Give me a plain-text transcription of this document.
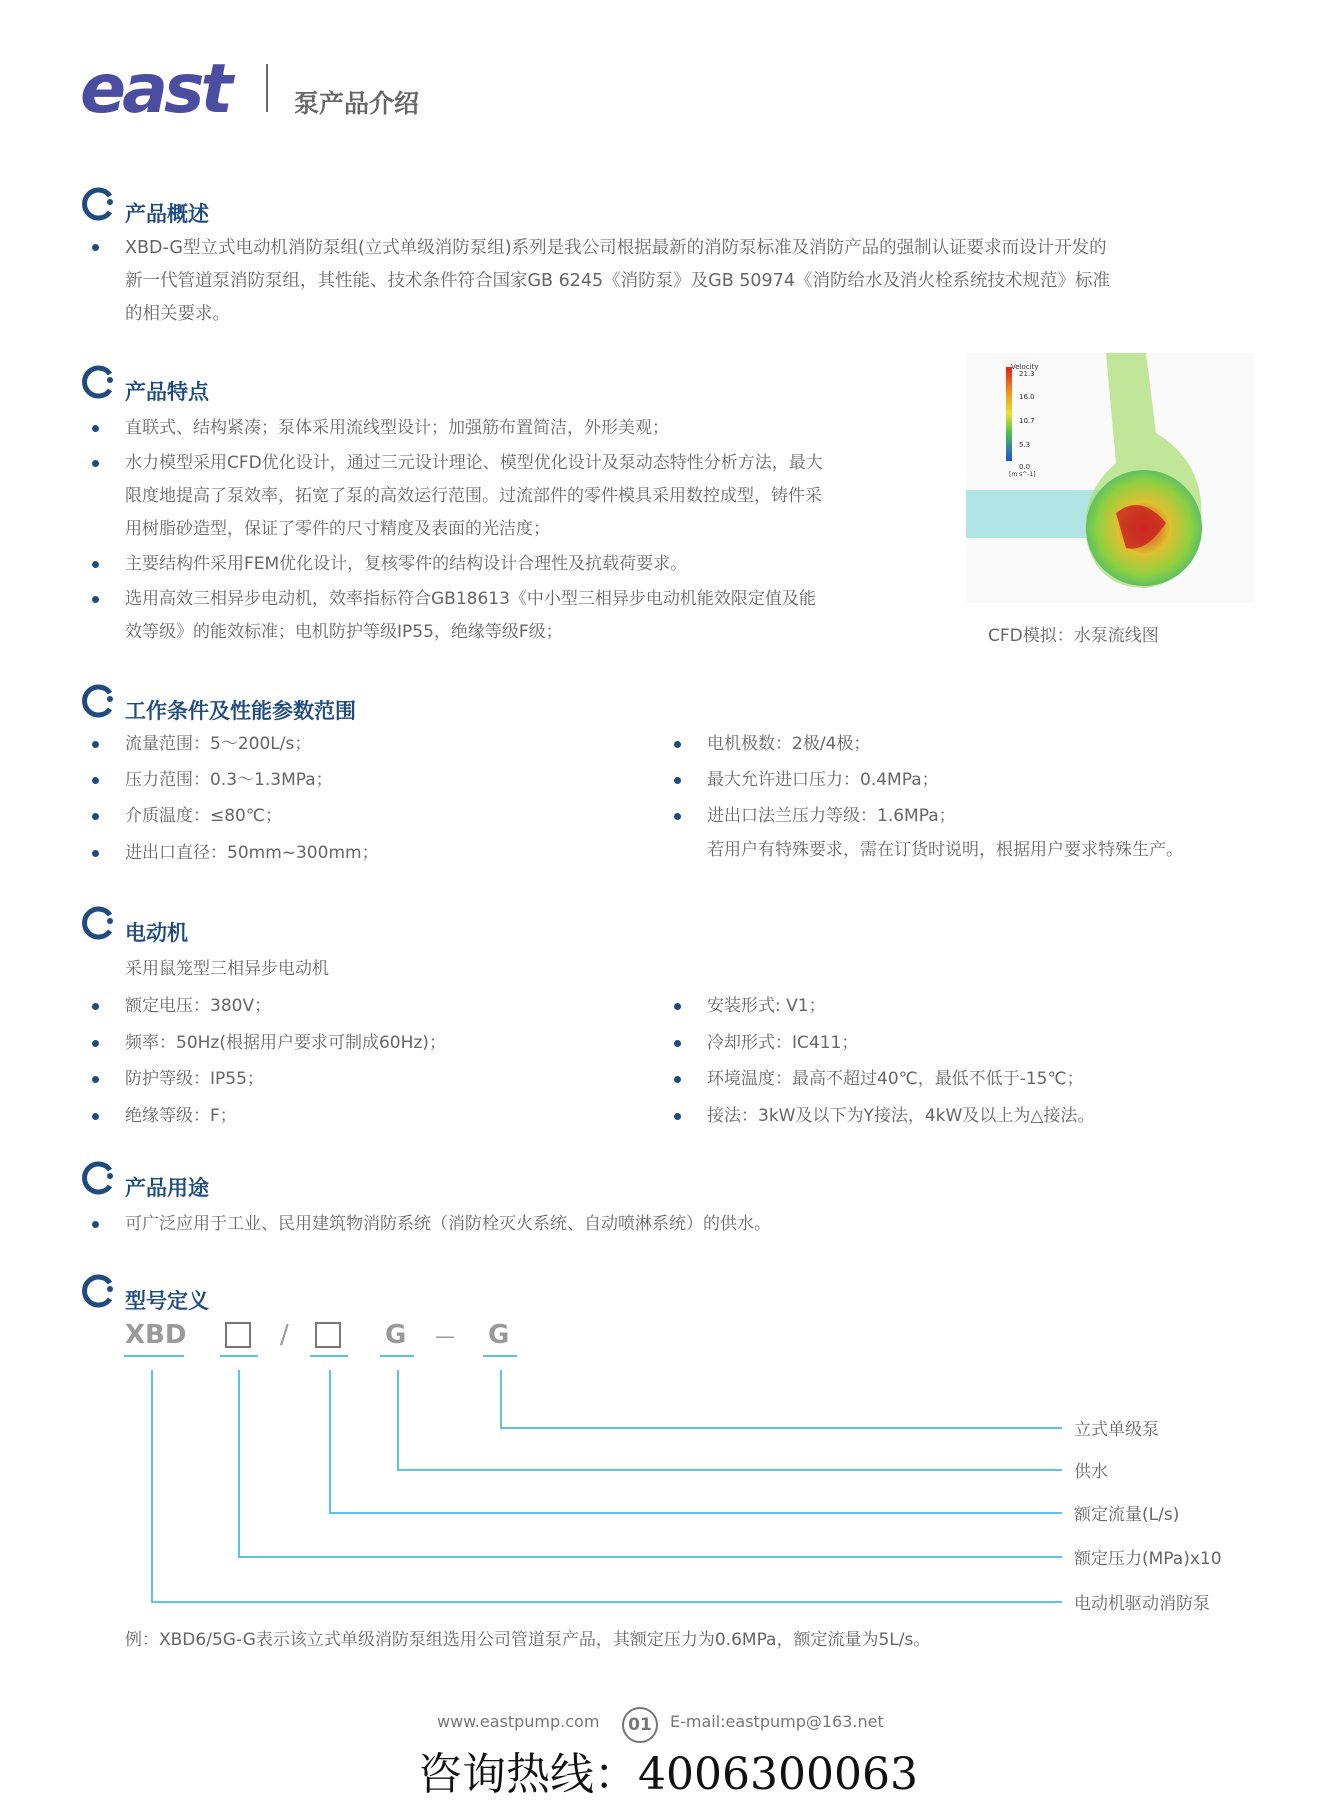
east	泵产品介绍
产品概述
XBD-G型立式电动机消防泵组(立式单级消防泵组)系列是我公司根据最新的消防泵标准及消防产品的强制认证要求而设计开发的
新一代管道泵消防泵组，其性能、技术条件符合国家GB 6245《消防泵》及GB 50974《消防给水及消火栓系统技术规范》标准
的相关要求。
产品特点
直联式、结构紧凑；泵体采用流线型设计；加强筋布置简洁，外形美观；
水力模型采用CFD优化设计，通过三元设计理论、模型优化设计及泵动态特性分析方法，最大
限度地提高了泵效率，拓宽了泵的高效运行范围。过流部件的零件模具采用数控成型，铸件采
用树脂砂造型，保证了零件的尺寸精度及表面的光洁度；
主要结构件采用FEM优化设计，复核零件的结构设计合理性及抗载荷要求。
选用高效三相异步电动机，效率指标符合GB18613《中小型三相异步电动机能效限定值及能
效等级》的能效标准；电机防护等级IP55，绝缘等级F级；
Velocity
21.3
16.0
10.7
5.3
0.0
[m s^-1]
CFD模拟：水泵流线图
工作条件及性能参数范围
流量范围：5～200L/s；
压力范围：0.3～1.3MPa；
介质温度：≤80℃；
进出口直径：50mm~300mm；
电机极数：2极/4极；
最大允许进口压力：0.4MPa；
进出口法兰压力等级：1.6MPa；
若用户有特殊要求，需在订货时说明，根据用户要求特殊生产。
电动机
采用鼠笼型三相异步电动机
额定电压：380V；
频率：50Hz(根据用户要求可制成60Hz)；
防护等级：IP55；
绝缘等级：F；
安装形式: V1；
冷却形式：IC411；
环境温度：最高不超过40℃，最低不低于-15℃；
接法：3kW及以下为Y接法，4kW及以上为△接法。
产品用途
可广泛应用于工业、民用建筑物消防系统（消防栓灭火系统、自动喷淋系统）的供水。
型号定义
XBD	/	G — G
立式单级泵
供水
额定流量(L/s)
额定压力(MPa)x10
电动机驱动消防泵
例：XBD6/5G-G表示该立式单级消防泵组选用公司管道泵产品，其额定压力为0.6MPa，额定流量为5L/s。
www.eastpump.com	01	E-mail:eastpump@163.net
咨询热线：4006300063
